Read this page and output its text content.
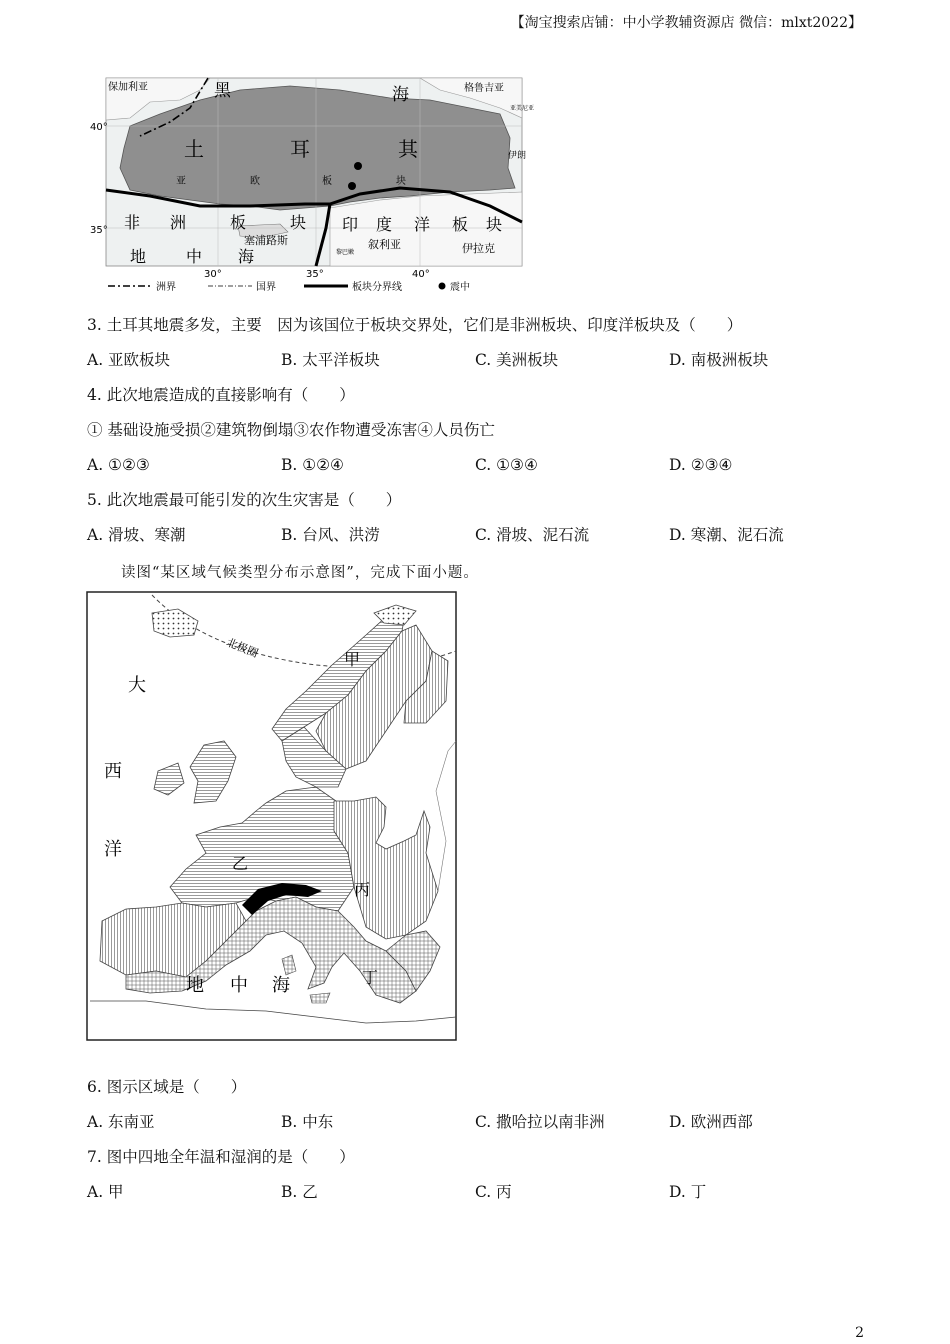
【淘宝搜索店铺：中小学教辅资源店 微信：mlxt2022】
保加利亚	黑	海	格鲁吉亚
亚美尼亚
伊朗
土	耳	其
亚	欧	板	块
非 洲	板	块 印 度 洋 板 块
塞浦路斯	叙利亚	伊拉克
黎巴嫩
地 中 海
40°
35°
30°	35°	40°
洲界	国界	板块分界线	震中
3. 土耳其地震多发，主要　因为该国位于板块交界处，它们是非洲板块、印度洋板块及（　　）
A. 亚欧板块	B. 太平洋板块	C. 美洲板块	D. 南极洲板块
4. 此次地震造成的直接影响有（　　）
① 基础设施受损②建筑物倒塌③农作物遭受冻害④人员伤亡
A. ①②③	B. ①②④	C. ①③④	D. ②③④
5. 此次地震最可能引发的次生灾害是（　　）
A. 滑坡、寒潮	B. 台风、洪涝	C. 滑坡、泥石流	D. 寒潮、泥石流
读图“某区域气候类型分布示意图”，完成下面小题。
北极圈
大
西
洋
甲
乙
丙
丁
地 中 海
6. 图示区域是（　　）
A. 东南亚	B. 中东	C. 撒哈拉以南非洲	D. 欧洲西部
7. 图中四地全年温和湿润的是（　　）
A. 甲	B. 乙	C. 丙	D. 丁
2
